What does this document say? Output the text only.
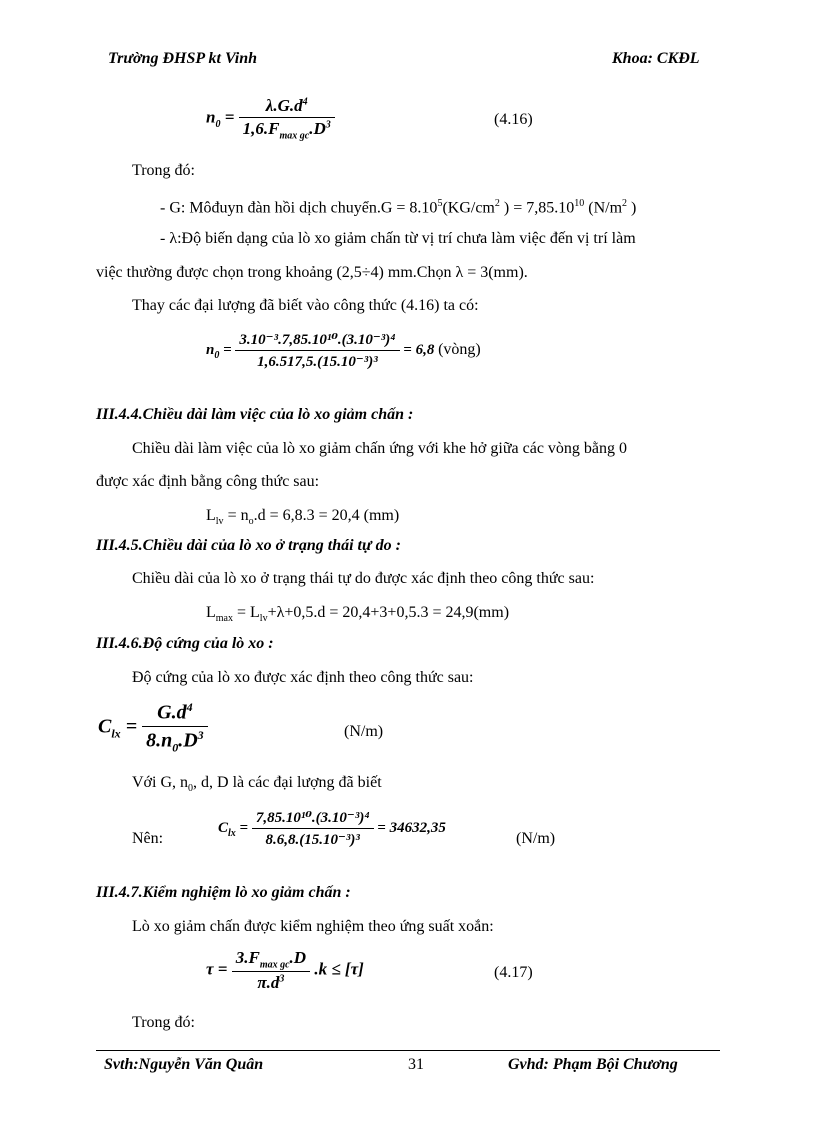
Trường ĐHSP kt Vinh	Khoa: CKĐL
$n_0 = \frac{\lambda.G.d^4}{1,6.F_{max gc}.D^3}$	(4.16)
Trong đó:
- G: Môđuyn đàn hồi dịch chuyển.G = $8.10^5(KG/cm^2$ ) = $7,85.10^{10}$ ($N/m^2$ )
- λ:Độ biến dạng của lò xo giảm chấn từ vị trí chưa làm việc đến vị trí làm
việc thường được chọn trong khoảng (2,5÷4) mm.Chọn λ = 3(mm).
Thay các đại lượng đã biết vào công thức (4.16) ta có:
$n_0 = \frac{\text{3.10⁻³.7,85.10¹⁰.(3.10⁻³)⁴}}{\text{1,6.517,5.(15.10⁻³)³}} = 6,8$ (vòng)
III.4.4.Chiều dài làm việc của lò xo giảm chấn :
Chiều dài làm việc của lò xo giảm chấn ứng với khe hở giữa các vòng bằng 0
được xác định bằng công thức sau:
$L_{lv} = n_o.d = 6,8.3 = 20,4$ (mm)
III.4.5.Chiều dài của lò xo ở trạng thái tự do :
Chiều dài của lò xo ở trạng thái tự do được xác định theo công thức sau:
$L_{max} = L_{lv}+\lambda+0,5.d = 20,4+3+0,5.3 = 24,9(mm)$
III.4.6.Độ cứng của lò xo :
Độ cứng của lò xo được xác định theo công thức sau:
$C_{lx} = \frac{G.d^4}{8.n_0.D^3}$	(N/m)
Với G, $n_0$, d, D là các đại lượng đã biết
Nên:
$C_{lx} = \frac{\text{7,85.10¹⁰.(3.10⁻³)⁴}}{\text{8.6,8.(15.10⁻³)³}} = 34632,35$
(N/m)
III.4.7.Kiểm nghiệm lò xo giảm chấn :
Lò xo giảm chấn được kiểm nghiệm theo ứng suất xoắn:
$\tau = \frac{3.F_{max gc}.D}{\pi.d^3} .k \le [\tau]$	(4.17)
Trong đó:
Svth:Nguyễn Văn Quân	31	Gvhd: Phạm Bội Chương
